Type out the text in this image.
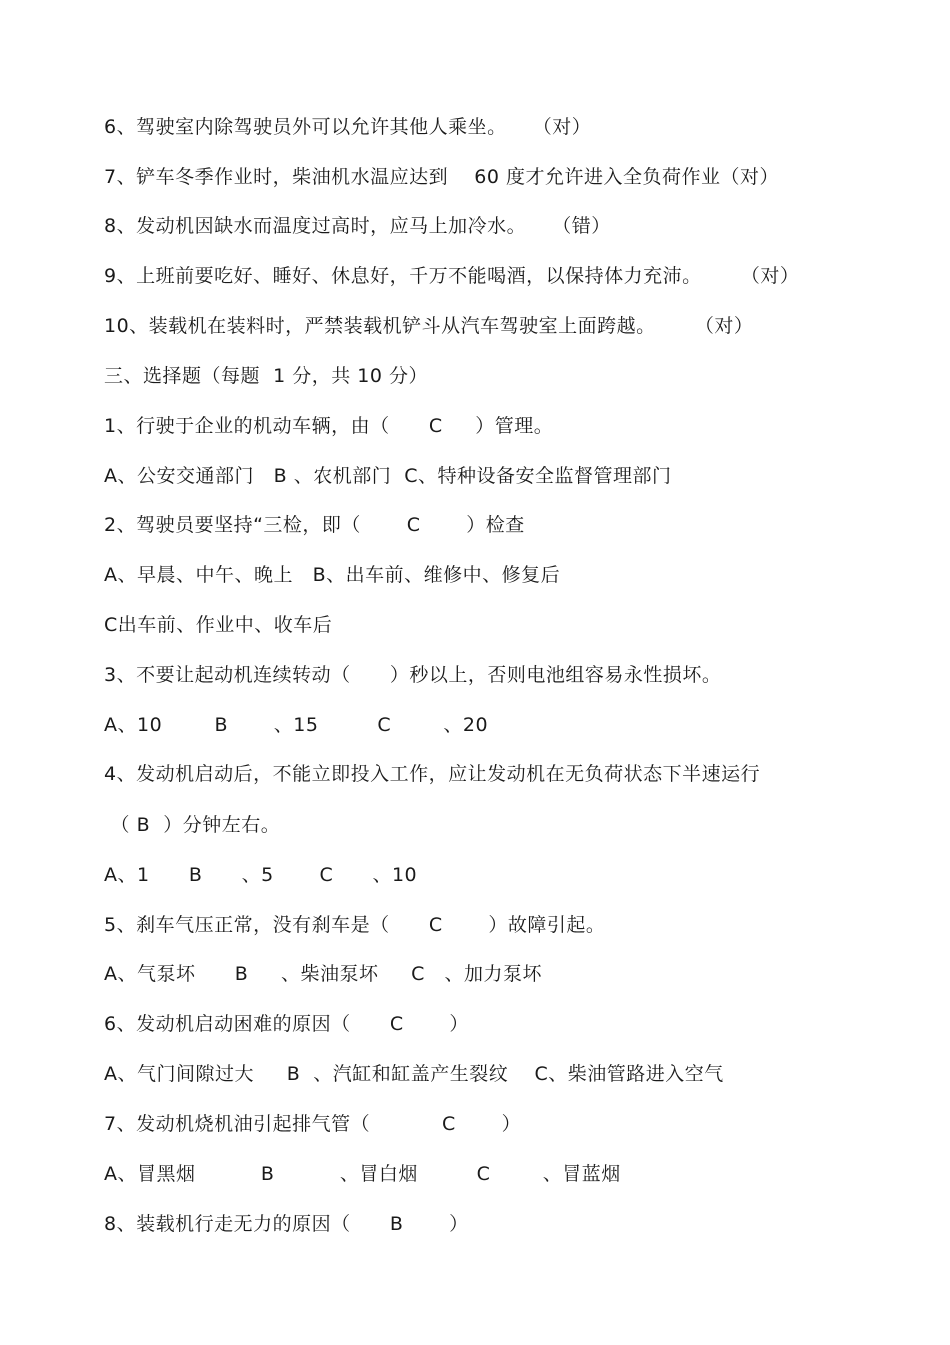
6、驾驶室内除驾驶员外可以允许其他人乘坐。    （对）
7、铲车冬季作业时，柴油机水温应达到    60 度才允许进入全负荷作业（对）
8、发动机因缺水而温度过高时，应马上加冷水。    （错）
9、上班前要吃好、睡好、休息好，千万不能喝酒，以保持体力充沛。      （对）
10、装载机在装料时，严禁装载机铲斗从汽车驾驶室上面跨越。      （对）
三、选择题（每题  1 分，共 10 分）
1、行驶于企业的机动车辆，由（      C     ）管理。
A、公安交通部门   B 、农机部门  C、特种设备安全监督管理部门
2、驾驶员要坚持“三检，即（       C       ）检查
A、早晨、中午、晚上   B、出车前、维修中、修复后
C出车前、作业中、收车后
3、不要让起动机连续转动（      ）秒以上，否则电池组容易永性损坏。
A、10        B       、15         C        、20
4、发动机启动后，不能立即投入工作，应让发动机在无负荷状态下半速运行
（ B  ）分钟左右。
A、1      B      、5       C      、10
5、刹车气压正常，没有刹车是（      C       ）故障引起。
A、气泵坏      B     、柴油泵坏     C   、加力泵坏
6、发动机启动困难的原因（      C       ）
A、气门间隙过大     B  、汽缸和缸盖产生裂纹    C、柴油管路进入空气
7、发动机烧机油引起排气管（           C       ）
A、冒黑烟          B          、冒白烟         C        、冒蓝烟
8、装载机行走无力的原因（      B       ）
